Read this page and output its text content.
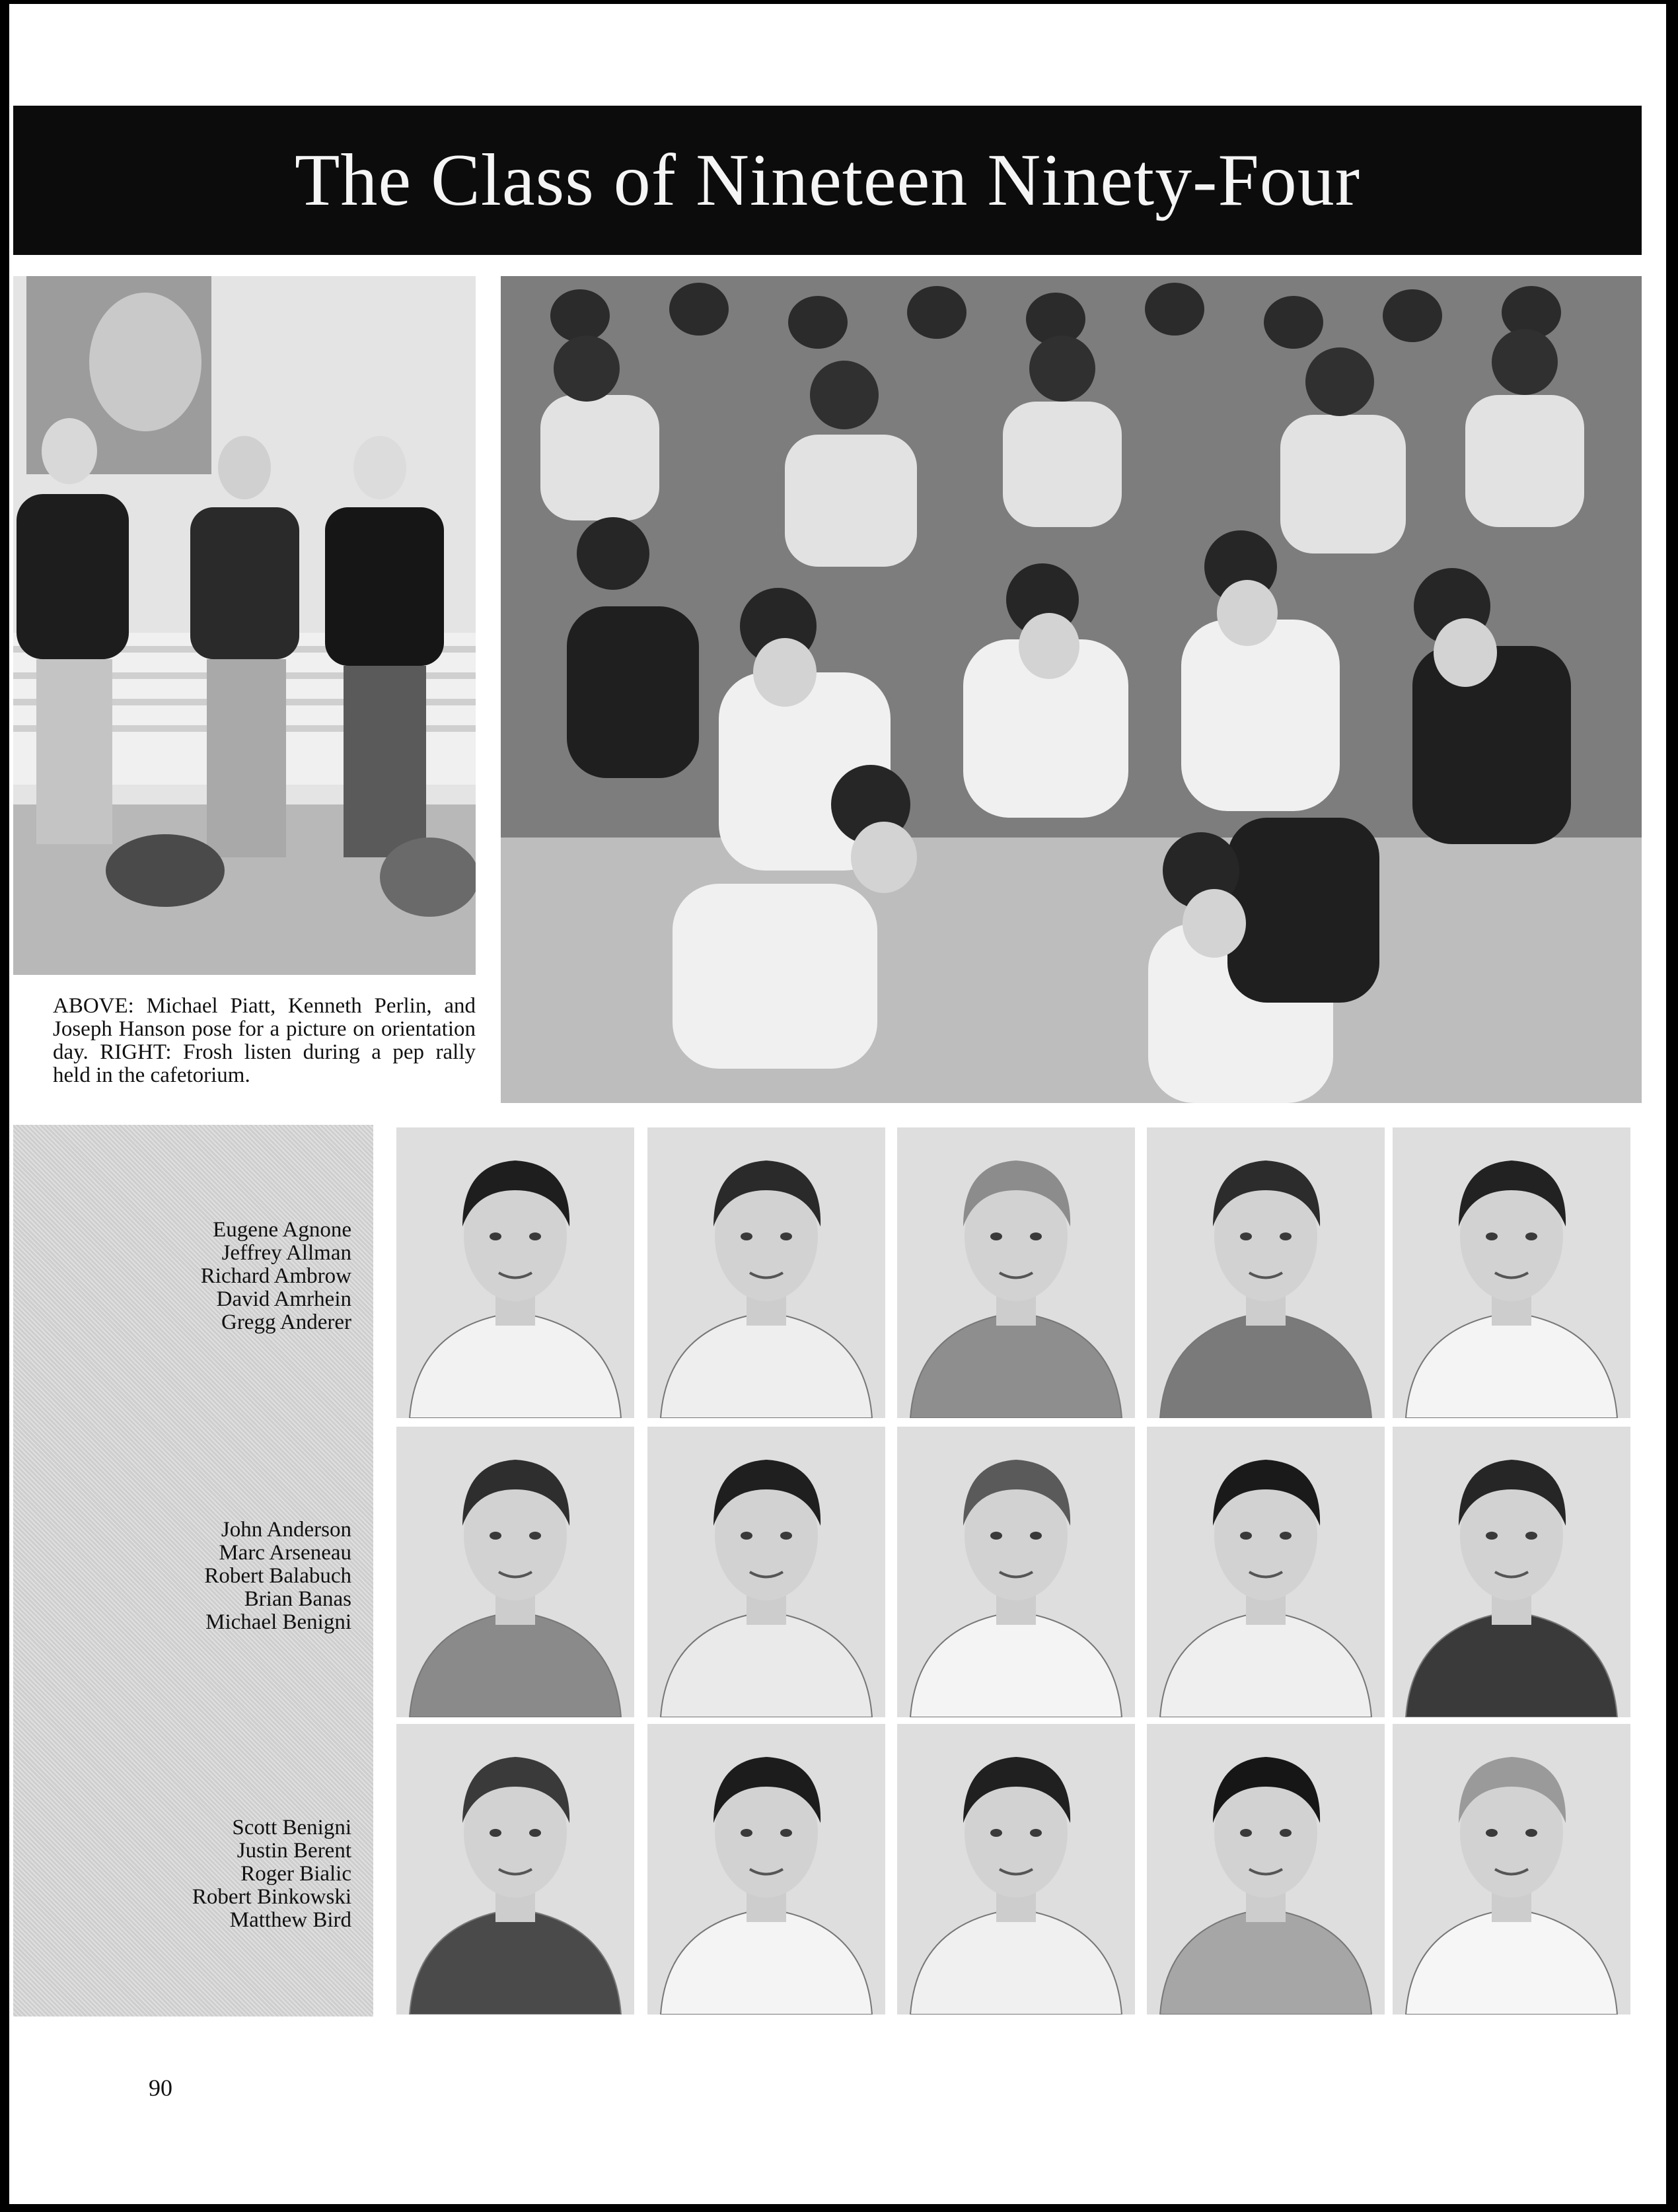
The Class of Nineteen Ninety-Four
ABOVE: Michael Piatt, Kenneth Perlin, and Joseph Hanson pose for a picture on orientation day. RIGHT: Frosh listen during a pep rally held in the cafetorium.
Eugene Agnone
Jeffrey Allman
Richard Ambrow
David Amrhein
Gregg Anderer
John Anderson
Marc Arseneau
Robert Balabuch
Brian Banas
Michael Benigni
Scott Benigni
Justin Berent
Roger Bialic
Robert Binkowski
Matthew Bird
90
